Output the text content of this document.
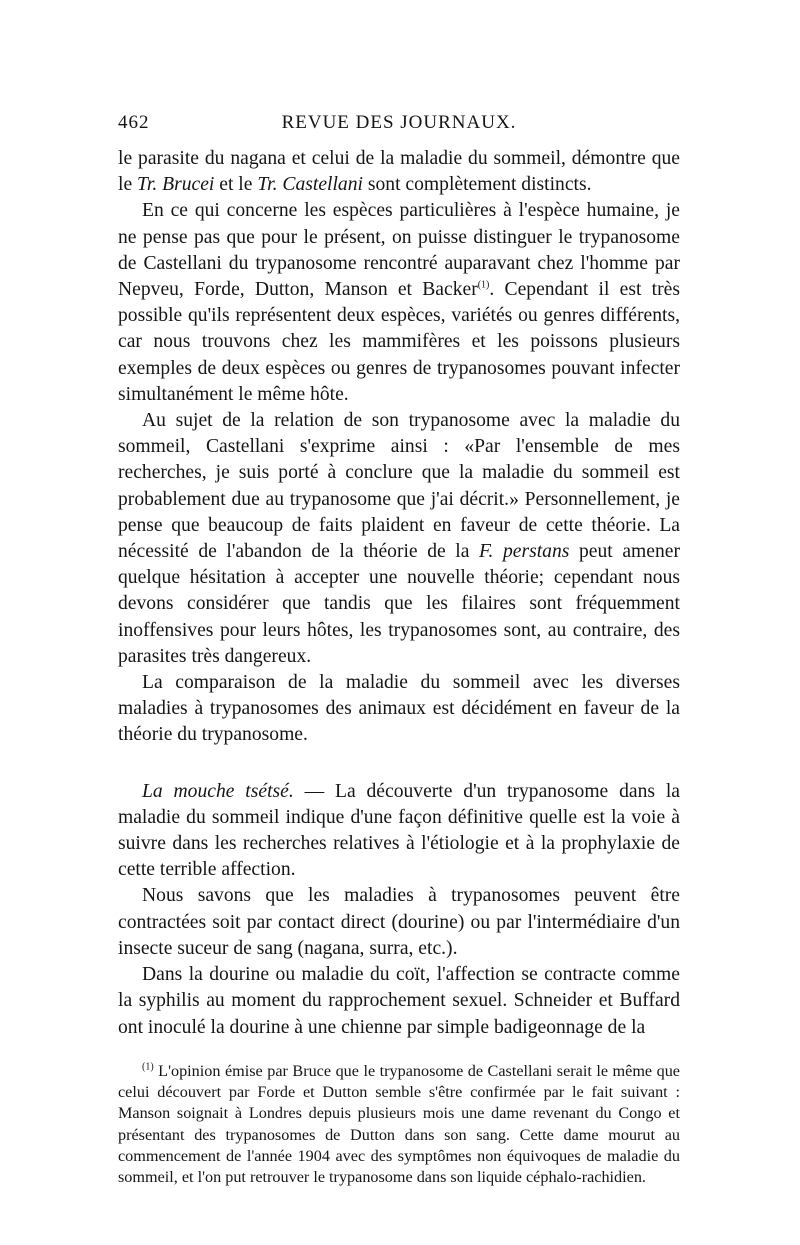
462	REVUE DES JOURNAUX.

le parasite du nagana et celui de la maladie du sommeil, démontre que le Tr. Brucei et le Tr. Castellani sont complètement distincts.

En ce qui concerne les espèces particulières à l'espèce humaine, je ne pense pas que pour le présent, on puisse distinguer le trypanosome de Castellani du trypanosome rencontré auparavant chez l'homme par Nepveu, Forde, Dutton, Manson et Backer$^{(1)}$. Cependant il est très possible qu'ils représentent deux espèces, variétés ou genres différents, car nous trouvons chez les mammifères et les poissons plusieurs exemples de deux espèces ou genres de trypanosomes pouvant infecter simultanément le même hôte.

Au sujet de la relation de son trypanosome avec la maladie du sommeil, Castellani s'exprime ainsi : «Par l'ensemble de mes recherches, je suis porté à conclure que la maladie du sommeil est probablement due au trypanosome que j'ai décrit.» Personnellement, je pense que beaucoup de faits plaident en faveur de cette théorie. La nécessité de l'abandon de la théorie de la F. perstans peut amener quelque hésitation à accepter une nouvelle théorie; cependant nous devons considérer que tandis que les filaires sont fréquemment inoffensives pour leurs hôtes, les trypanosomes sont, au contraire, des parasites très dangereux.

La comparaison de la maladie du sommeil avec les diverses maladies à trypanosomes des animaux est décidément en faveur de la théorie du trypanosome.

La mouche tsétsé. — La découverte d'un trypanosome dans la maladie du sommeil indique d'une façon définitive quelle est la voie à suivre dans les recherches relatives à l'étiologie et à la prophylaxie de cette terrible affection.

Nous savons que les maladies à trypanosomes peuvent être contractées soit par contact direct (dourine) ou par l'intermédiaire d'un insecte suceur de sang (nagana, surra, etc.).

Dans la dourine ou maladie du coït, l'affection se contracte comme la syphilis au moment du rapprochement sexuel. Schneider et Buffard ont inoculé la dourine à une chienne par simple badigeonnage de la

$^{(1)}$ L'opinion émise par Bruce que le trypanosome de Castellani serait le même que celui découvert par Forde et Dutton semble s'être confirmée par le fait suivant : Manson soignait à Londres depuis plusieurs mois une dame revenant du Congo et présentant des trypanosomes de Dutton dans son sang. Cette dame mourut au commencement de l'année 1904 avec des symptômes non équivoques de maladie du sommeil, et l'on put retrouver le trypanosome dans son liquide céphalo-rachidien.
